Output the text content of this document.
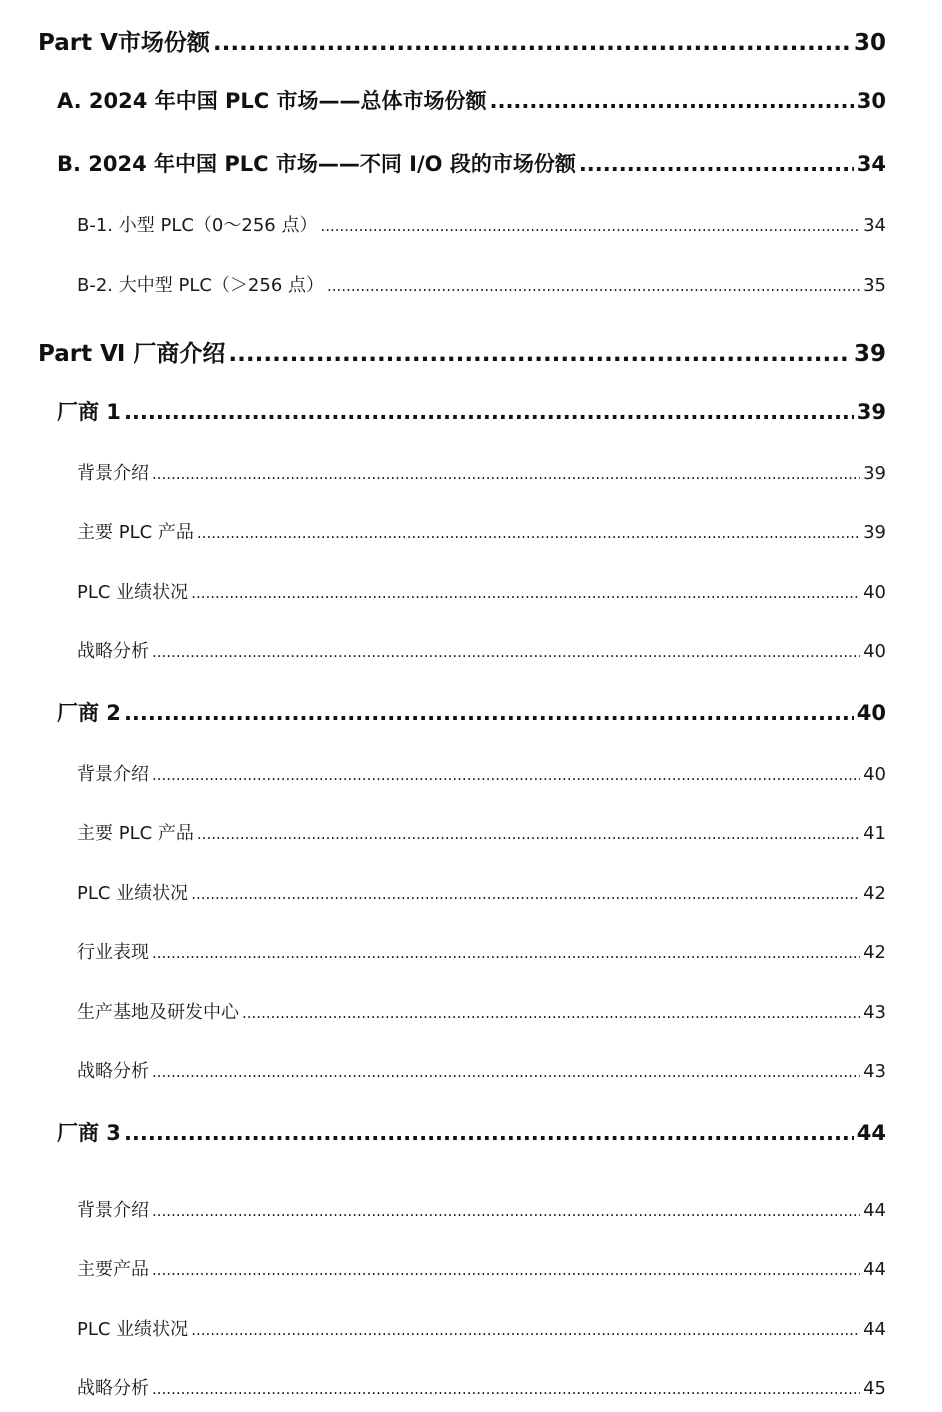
Part Ⅴ市场份额 .....	30
A. 2024 年中国 PLC 市场——总体市场份额 .....	30
B. 2024 年中国 PLC 市场——不同 I/O 段的市场份额 .....	34
B-1. 小型 PLC（0～256 点） .....	34
B-2. 大中型 PLC（＞256 点） .....	35
Part Ⅵ 厂商介绍 .....	39
厂商 1 .....	39
背景介绍 .....	39
主要 PLC 产品 .....	39
PLC 业绩状况 .....	40
战略分析 .....	40
厂商 2 .....	40
背景介绍 .....	40
主要 PLC 产品 .....	41
PLC 业绩状况 .....	42
行业表现 .....	42
生产基地及研发中心 .....	43
战略分析 .....	43
厂商 3 .....	44
背景介绍 .....	44
主要产品 .....	44
PLC 业绩状况 .....	44
战略分析 .....	45
